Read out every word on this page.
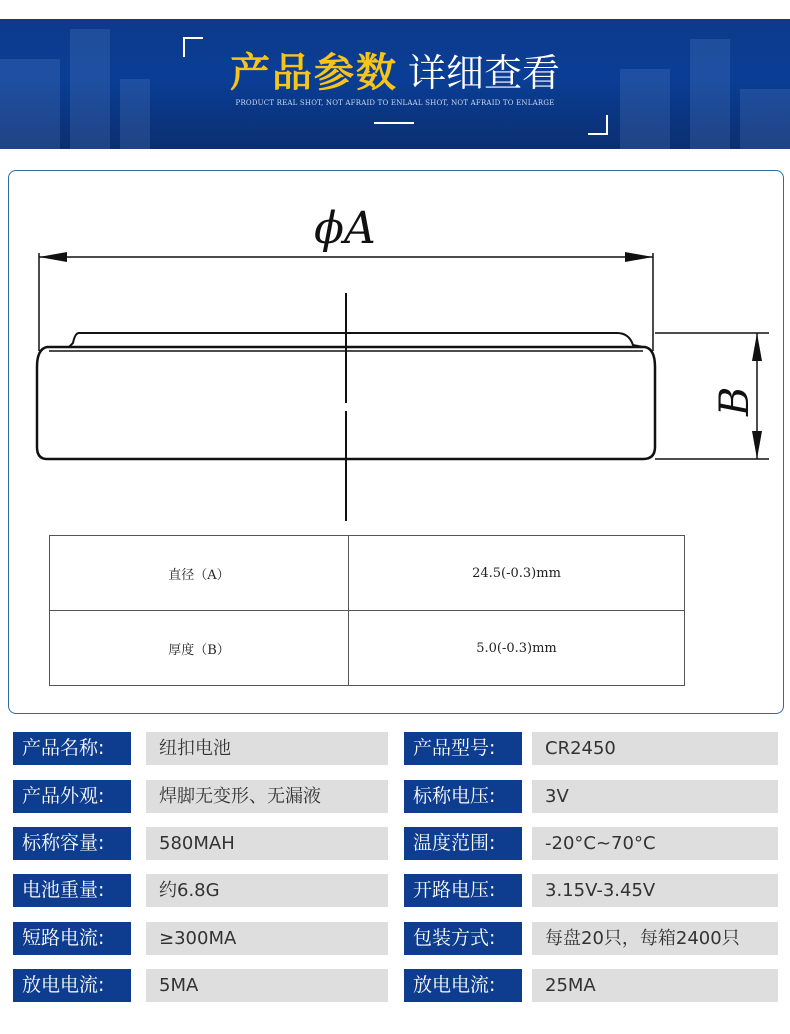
产品参数 详细查看
PRODUCT REAL SHOT, NOT AFRAID TO ENLAAL SHOT, NOT AFRAID TO ENLARGE
ϕA
B
直径（A）	24.5(-0.3)mm
厚度（B）	5.0(-0.3)mm
产品名称:	纽扣电池	产品型号:	CR2450
产品外观:	焊脚无变形、无漏液	标称电压:	3V
标称容量:	580MAH	温度范围:	-20°C~70°C
电池重量:	约6.8G	开路电压:	3.15V-3.45V
短路电流:	≥300MA	包装方式:	每盘20只，每箱2400只
放电电流:	5MA	放电电流:	25MA
